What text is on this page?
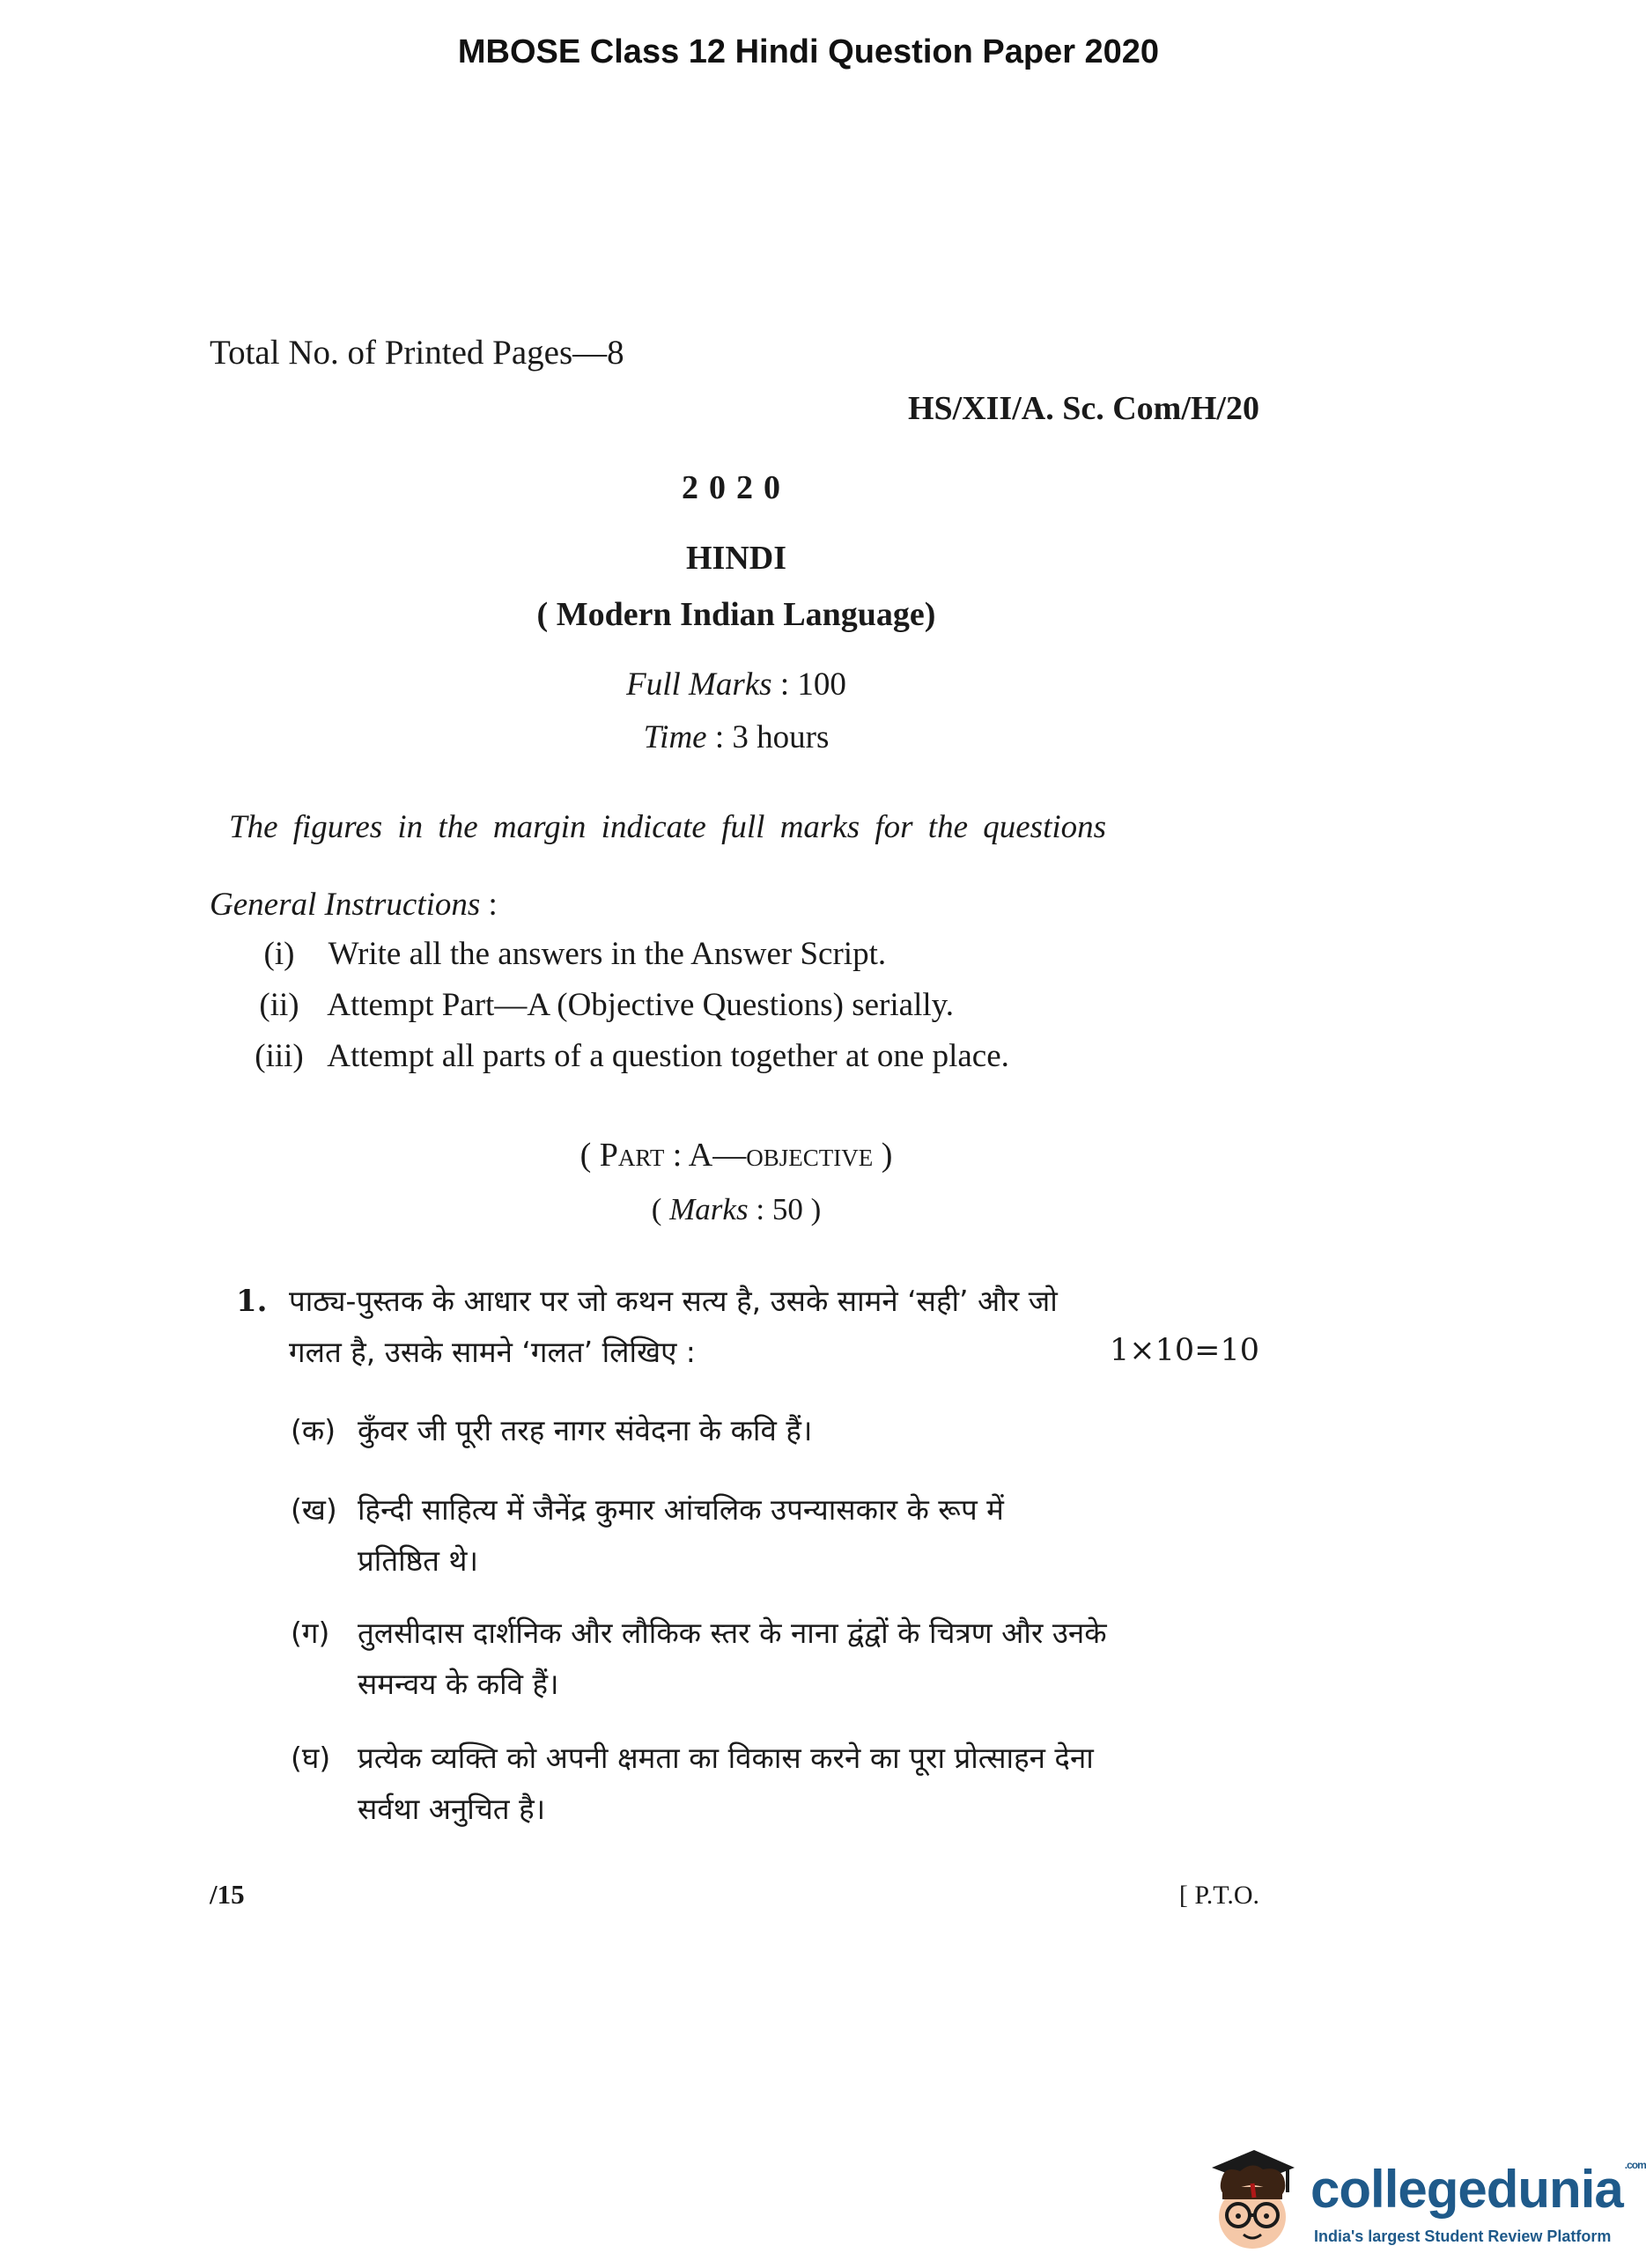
MBOSE Class 12 Hindi Question Paper 2020
Total No. of Printed Pages—8
HS/XII/A. Sc. Com/H/20
2020
HINDI
( Modern Indian Language)
Full Marks : 100
Time : 3 hours
The figures in the margin indicate full marks for the questions
General Instructions :
(i) Write all the answers in the Answer Script.
(ii) Attempt Part—A (Objective Questions) serially.
(iii) Attempt all parts of a question together at one place.
( Part : A—objective )
( Marks : 50 )
1. पाठ्य-पुस्तक के आधार पर जो कथन सत्य है, उसके सामने ‘सही’ और जो
गलत है, उसके सामने ‘गलत’ लिखिए :	1×10=10
(क) कुँवर जी पूरी तरह नागर संवेदना के कवि हैं।
(ख) हिन्दी साहित्य में जैनेंद्र कुमार आंचलिक उपन्यासकार के रूप में
प्रतिष्ठित थे।
(ग) तुलसीदास दार्शनिक और लौकिक स्तर के नाना द्वंद्वों के चित्रण और उनके
समन्वय के कवि हैं।
(घ) प्रत्येक व्यक्ति को अपनी क्षमता का विकास करने का पूरा प्रोत्साहन देना
सर्वथा अनुचित है।
/15	[ P.T.O.
collegedunia $^{.com}$
India's largest Student Review Platform
